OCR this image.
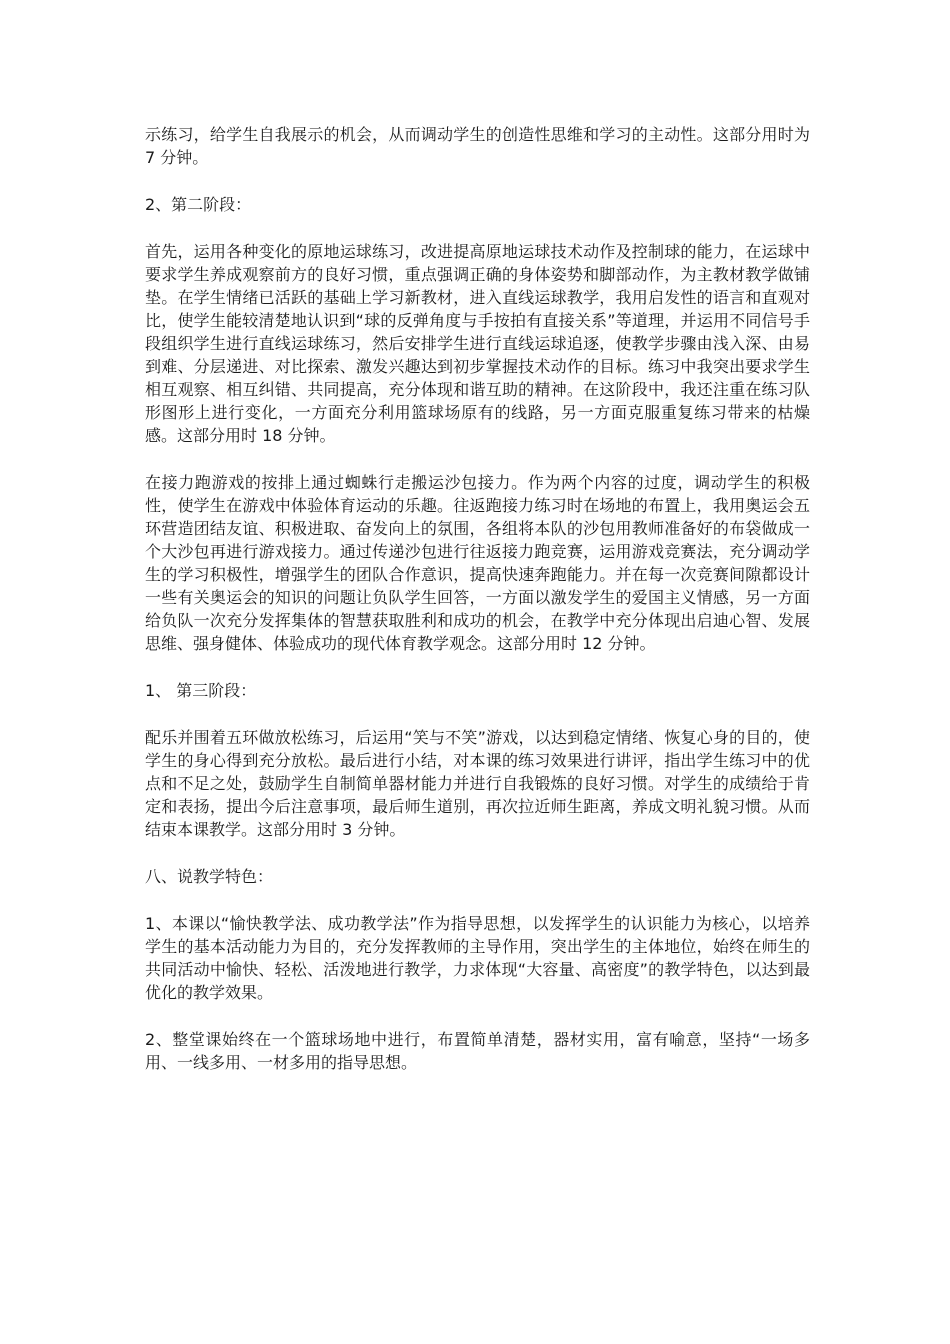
示练习，给学生自我展示的机会，从而调动学生的创造性思维和学习的主动性。这部分用时为 7 分钟。

2、第二阶段：

首先，运用各种变化的原地运球练习，改进提高原地运球技术动作及控制球的能力，在运球中要求学生养成观察前方的良好习惯，重点强调正确的身体姿势和脚部动作，为主教材教学做铺垫。在学生情绪已活跃的基础上学习新教材，进入直线运球教学，我用启发性的语言和直观对比，使学生能较清楚地认识到“球的反弹角度与手按拍有直接关系”等道理，并运用不同信号手段组织学生进行直线运球练习，然后安排学生进行直线运球追逐，使教学步骤由浅入深、由易到难、分层递进、对比探索、激发兴趣达到初步掌握技术动作的目标。练习中我突出要求学生相互观察、相互纠错、共同提高，充分体现和谐互助的精神。在这阶段中，我还注重在练习队形图形上进行变化，一方面充分利用篮球场原有的线路，另一方面克服重复练习带来的枯燥感。这部分用时 18 分钟。

在接力跑游戏的按排上通过蜘蛛行走搬运沙包接力。作为两个内容的过度，调动学生的积极性，使学生在游戏中体验体育运动的乐趣。往返跑接力练习时在场地的布置上，我用奥运会五环营造团结友谊、积极进取、奋发向上的氛围，各组将本队的沙包用教师准备好的布袋做成一个大沙包再进行游戏接力。通过传递沙包进行往返接力跑竞赛，运用游戏竞赛法，充分调动学生的学习积极性，增强学生的团队合作意识，提高快速奔跑能力。并在每一次竞赛间隙都设计一些有关奥运会的知识的问题让负队学生回答，一方面以激发学生的爱国主义情感，另一方面给负队一次充分发挥集体的智慧获取胜利和成功的机会，在教学中充分体现出启迪心智、发展思维、强身健体、体验成功的现代体育教学观念。这部分用时 12 分钟。

1、 第三阶段：

配乐并围着五环做放松练习，后运用“笑与不笑”游戏，以达到稳定情绪、恢复心身的目的，使学生的身心得到充分放松。最后进行小结，对本课的练习效果进行讲评，指出学生练习中的优点和不足之处，鼓励学生自制简单器材能力并进行自我锻炼的良好习惯。对学生的成绩给于肯定和表扬，提出今后注意事项，最后师生道别，再次拉近师生距离，养成文明礼貌习惯。从而结束本课教学。这部分用时 3 分钟。

八、说教学特色：

1、本课以“愉快教学法、成功教学法”作为指导思想，以发挥学生的认识能力为核心，以培养学生的基本活动能力为目的，充分发挥教师的主导作用，突出学生的主体地位，始终在师生的共同活动中愉快、轻松、活泼地进行教学，力求体现“大容量、高密度”的教学特色，以达到最优化的教学效果。

2、整堂课始终在一个篮球场地中进行，布置简单清楚，器材实用，富有喻意，坚持“一场多用、一线多用、一材多用的指导思想。
